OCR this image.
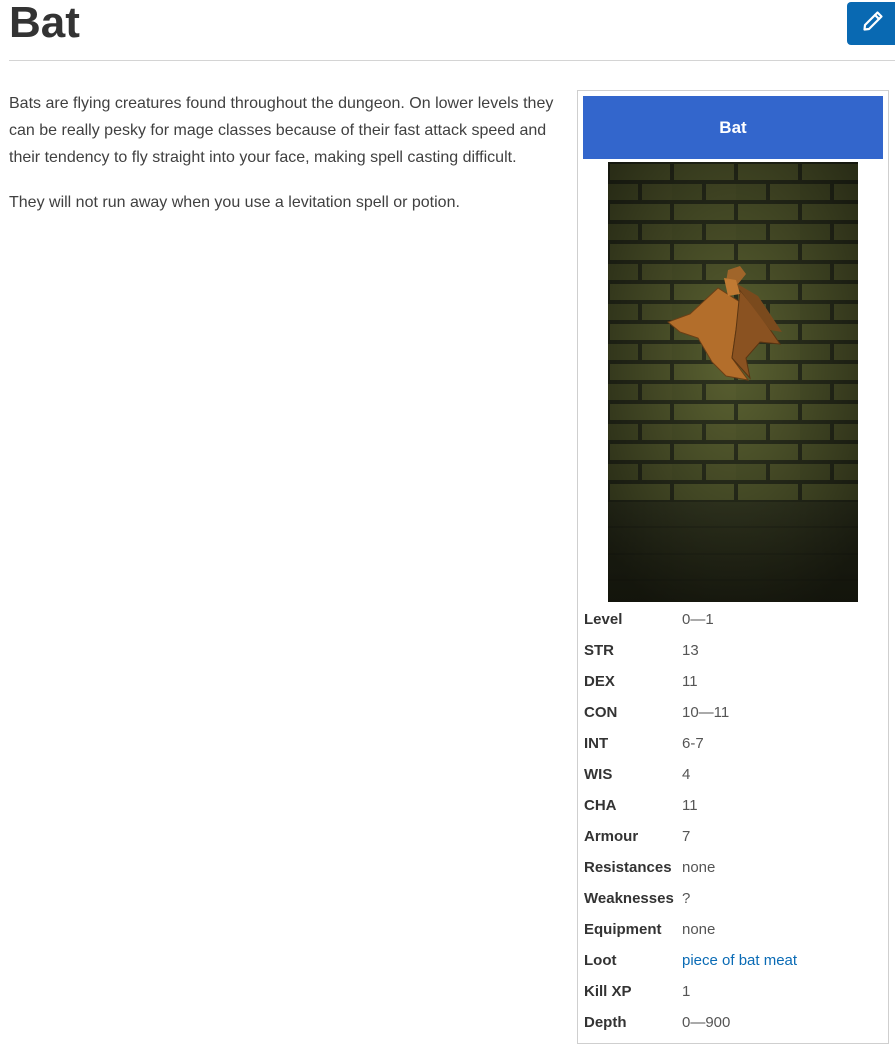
Bat

Bats are flying creatures found throughout the dungeon. On lower levels they can be really pesky for mage classes because of their fast attack speed and their tendency to fly straight into your face, making spell casting difficult.

They will not run away when you use a levitation spell or potion.

Bat
Level	0—1
STR	13
DEX	11
CON	10—11
INT	6-7
WIS	4
CHA	11
Armour	7
Resistances none
Weaknesses ?
Equipment	none
Loot	piece of bat meat
Kill XP	1
Depth	0—900
